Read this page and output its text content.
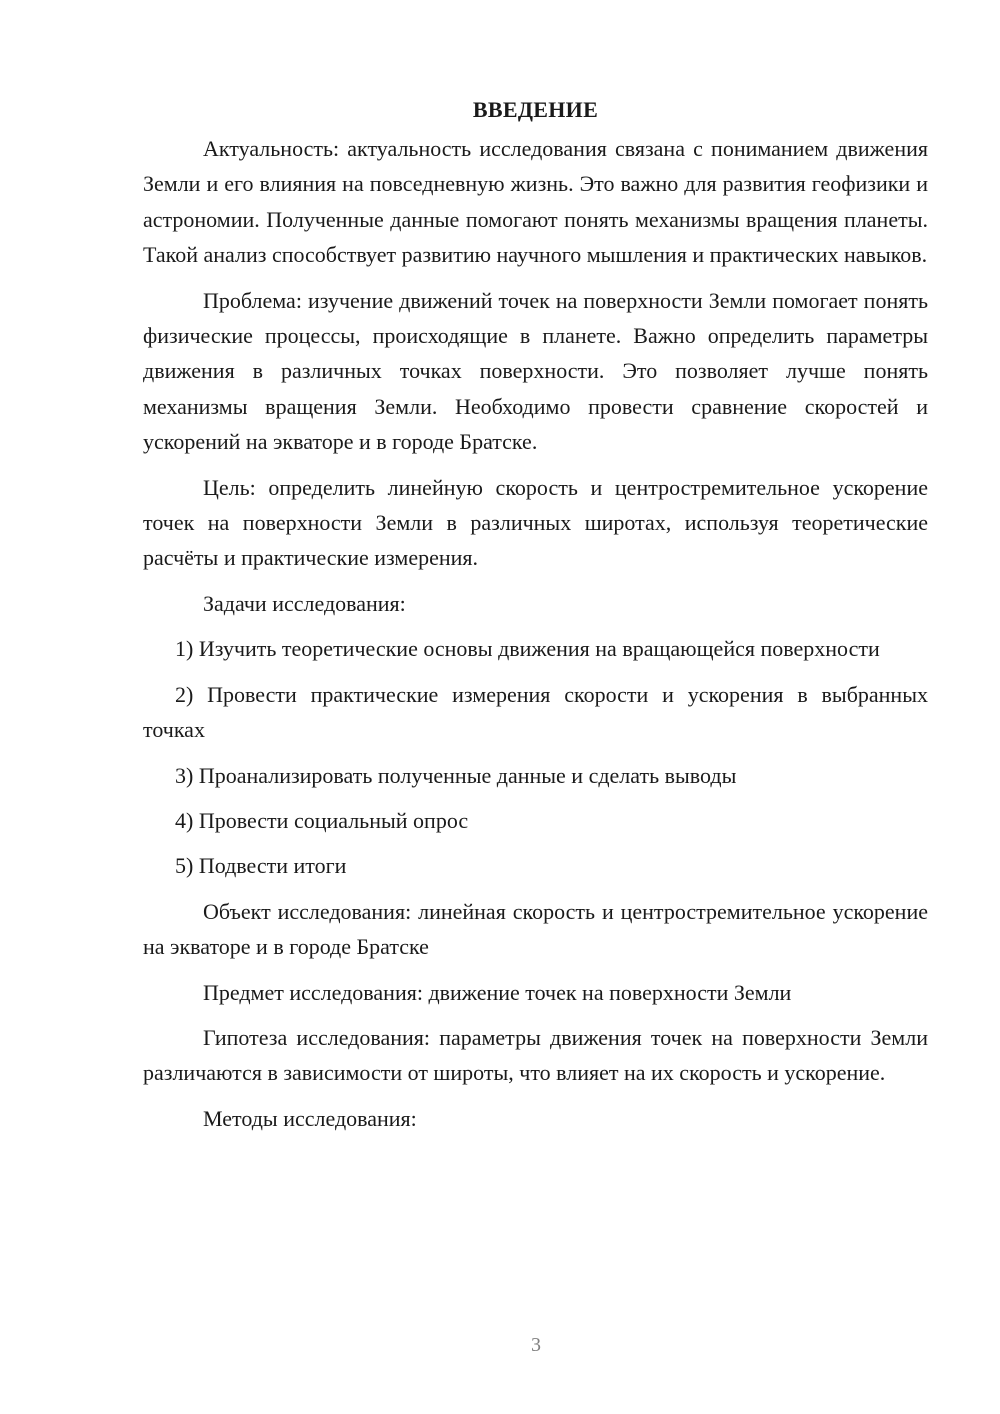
ВВЕДЕНИЕ

Актуальность: актуальность исследования связана с пониманием движения Земли и его влияния на повседневную жизнь. Это важно для развития геофизики и астрономии. Полученные данные помогают понять механизмы вращения планеты. Такой анализ способствует развитию научного мышления и практических навыков.

Проблема: изучение движений точек на поверхности Земли помогает понять физические процессы, происходящие в планете. Важно определить параметры движения в различных точках поверхности. Это позволяет лучше понять механизмы вращения Земли. Необходимо провести сравнение скоростей и ускорений на экваторе и в городе Братске.

Цель: определить линейную скорость и центростремительное ускорение точек на поверхности Земли в различных широтах, используя теоретические расчёты и практические измерения.

Задачи исследования:

1) Изучить теоретические основы движения на вращающейся поверхности

2) Провести практические измерения скорости и ускорения в выбранных точках

3) Проанализировать полученные данные и сделать выводы

4) Провести социальный опрос

5) Подвести итоги

Объект исследования: линейная скорость и центростремительное ускорение на экваторе и в городе Братске

Предмет исследования: движение точек на поверхности Земли

Гипотеза исследования: параметры движения точек на поверхности Земли различаются в зависимости от широты, что влияет на их скорость и ускорение.

Методы исследования:

3
